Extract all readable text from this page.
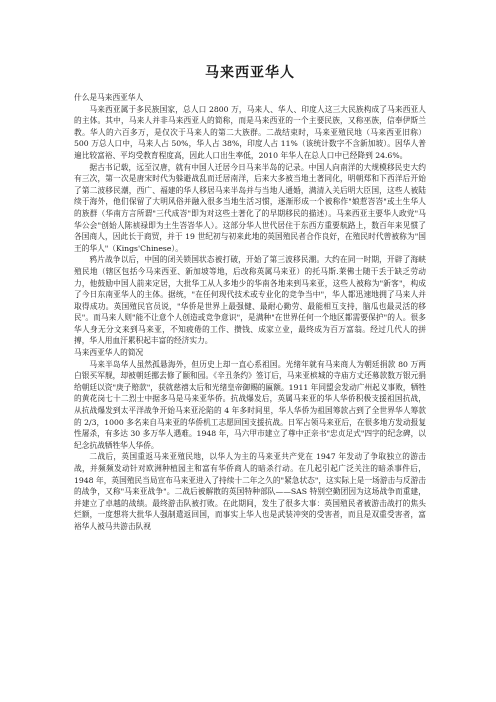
马来西亚华人

什么是马来西亚华人

马来西亚属于多民族国家，总人口 2800 万，马来人、华人、印度人这三大民族构成了马来西亚人的主体。其中，马来人并非马来西亚人的简称，而是马来西亚的一个主要民族，又称巫族，信奉伊斯兰教。华人的六百多万，是仅次于马来人的第二大族群。二战结束时，马来亚殖民地（马来西亚旧称）500 万总人口中，马来人占 50%，华人占 38%，印度人占 11%（该统计数字不含新加坡）。因华人普遍比较富裕、平均受教育程度高，因此人口出生率低，2010 年华人在总人口中已经降到 24.6%。

据古书记载，远至汉唐，就有中国人迁居今日马来半岛的记录。中国人向南洋的大规模移民史大约有三次，第一次是唐宋时代为躲避战乱而迁居南洋，后来大多被当地土著同化，明朝郑和下西洋后开始了第二波移民潮，西广、福建的华人移居马来半岛并与当地人通婚，满清入关后明大臣国，这些人被陆续于海外，他们保留了大明风俗并融入很多当地生活习惯，逐渐形成一个被称作"娘惹峇峇"或土生华人的族群（华南方言所谓"三代成峇"即为对这些土著化了的早期移民的描述）。马来西亚主要华人政党"马华公会"创始人陈祯禄即为土生峇峇华人）。这部分华人世代居住于东西方重要航路上，数百年来见惯了各国商人，因此长于商贸，并于 19 世纪初与初来此地的英国殖民者合作良好，在殖民时代曾被称为"国王的华人"（Kings'Chinese）。

鸦片战争以后，中国的闭关锁国状态被打破，开始了第三波移民潮。大约在同一时期，开辟了海峡殖民地（辖区包括今马来西亚、新加坡等地，后改称英属马来亚）的托马斯.莱佛士随干丢于缺乏劳动力，他鼓励中国人前来定居，大批华工从人多地少的华南各地来到马来亚，这些人被称为"新客"，构成了今日东南亚华人的主体。据统，"在任何现代技术或专业化的竞争当中"，华人都迅速地拥了马来人并取得成功。英国殖民官员说，"华侨是世界上最强健、最耐心勤劳、最能相互支持，脑瓜也最灵活的移民"。而马来人则"能不让意个人创造或竞争意识"，是满种"在世界任何一个地区都需要保护"的人。很多华人身无分文来到马来亚，不知疲倦的工作、攒钱、成家立业，最终成为百万富翁。经过几代人的拼搏，华人用血汗累积起丰富的经济实力。

马来西亚华人的简况

马来半岛华人虽然孤悬海外，但历史上却一直心系祖国。光绪年就有马来商人为朝廷捐款 80 万两白银买军舰，却被朝廷挪去修了颐和园。《辛丑条约》签订后，马来亚槟城的寺庙方丈还募款数万银元捐给朝廷以资"庚子赔款"，获就慈禧太后和光绪皇帝御赐的匾额。1911 年同盟会发动广州起义事败，牺牲的黄花岗七十二烈士中据多马是马来亚华侨。抗战爆发后，英属马来亚的华人华侨积极支援祖国抗战，从抗战爆发到太平洋战争开始马来亚沦陷的 4 年多时间里，华人华侨为祖国筹款占到了全世界华人筹款的 2/3，1000 多名来自马来亚的华侨机工志愿回国支援抗战。日军占领马来亚后，在很多地方发动报复性屠杀，有多达 30 多万华人遇难。1948 年，马六甲市建立了尊中正亲书"忠贞足式"四字的纪念碑，以纪念抗战牺牲华人华侨。

二战后，英国重返马来亚殖民地，以华人为主的马来亚共产党在 1947 年发动了争取独立的游击战，并频频发动针对欧洲种植园主和富有华侨商人的暗杀行动。在几起引起广泛关注的暗杀事件后，1948 年，英国殖民当局宣布马来亚进入了持续十二年之久的"紧急状态"，这实际上是一场游击与反游击的战争，又称"马来亚战争"。二战后被解散的英国特种部队——SAS 特别空勤团因为这场战争而重建，并建立了卓越的战绩。最终游击队被打败。在此期间，发生了很多大事：英国殖民者被游击战打的焦头烂额，一度想将大批华人强制遣返回国，而事实上华人也是武装冲突的受害者，而且是双重受害者，富裕华人被马共游击队视
